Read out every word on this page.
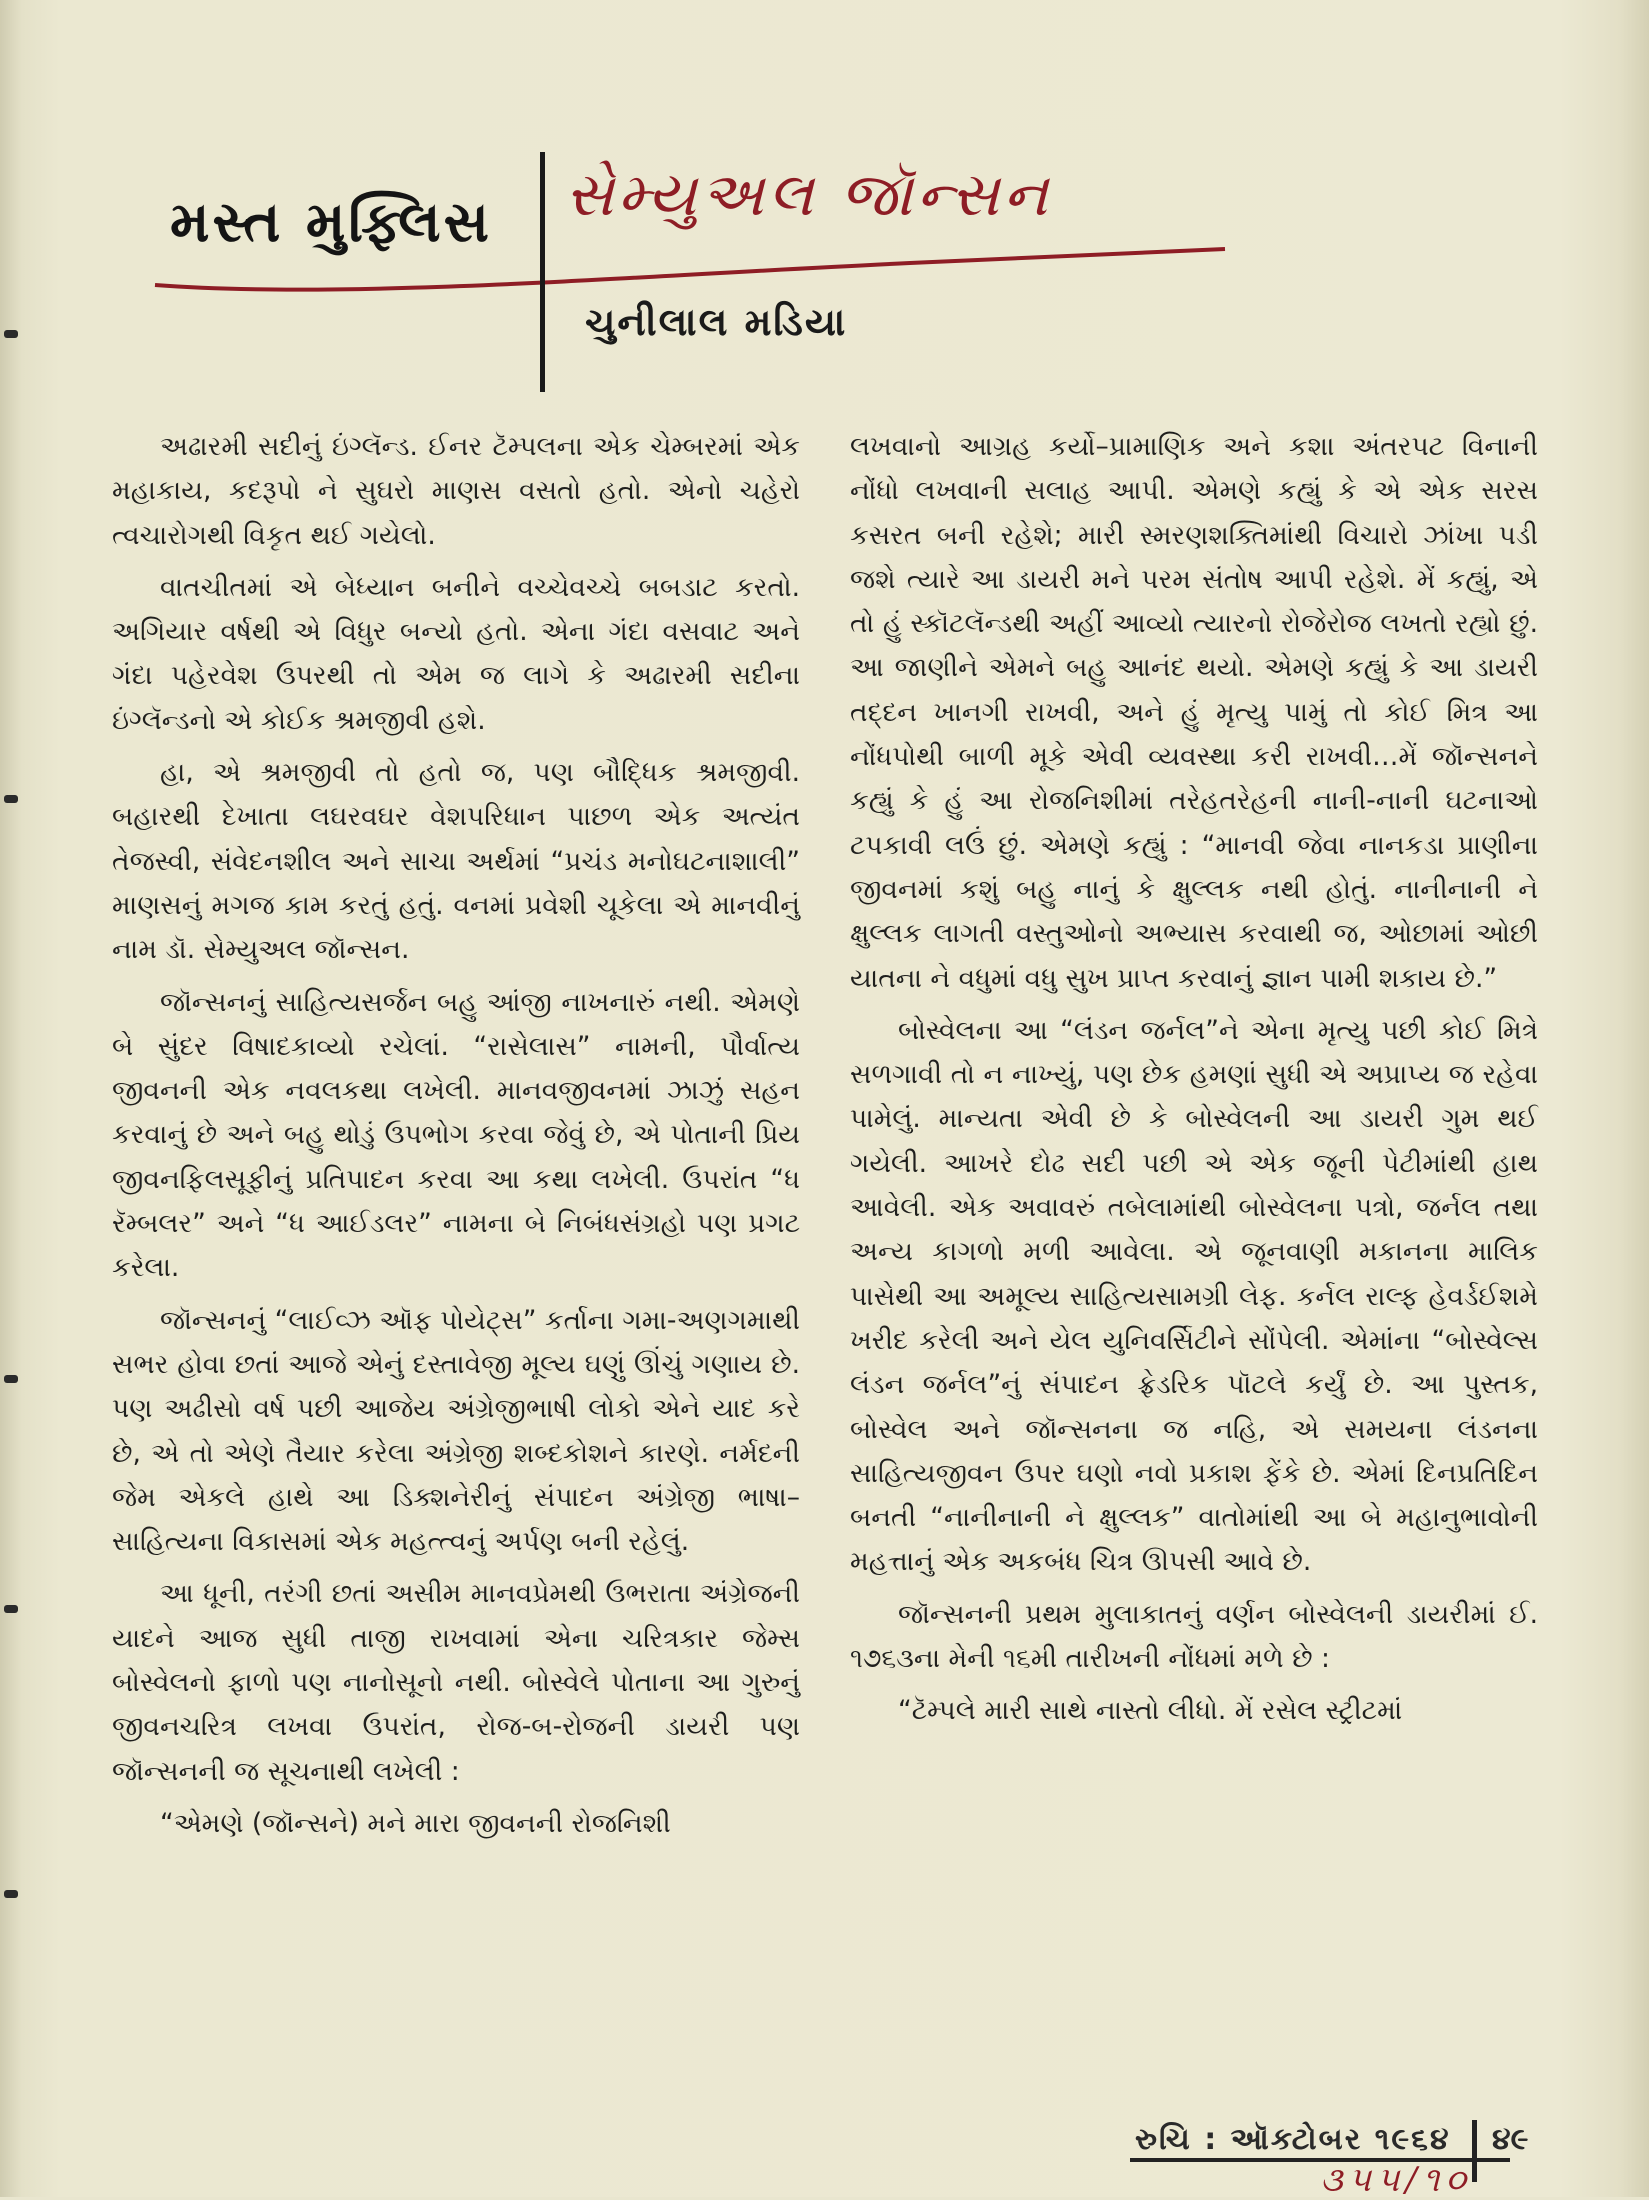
મસ્ત મુફ્લિસ સેમ્યુઅલ જૉન્સન
ચુનીલાલ મડિયા

અઢારમી સદીનું ઇંગ્લૅન્ડ. ઈનર ટૅમ્પલના એક ચેમ્બરમાં એક મહાકાય, કદરૂપો ને સુઘરો માણસ વસતો હતો. એનો ચહેરો ત્વચારોગથી વિકૃત થઈ ગયેલો.

વાતચીતમાં એ બેધ્યાન બનીને વચ્ચેવચ્ચે બબડાટ કરતો. અગિયાર વર્ષથી એ વિધુર બન્યો હતો. એના ગંદા વસવાટ અને ગંદા પહેરવેશ ઉપરથી તો એમ જ લાગે કે અઢારમી સદીના ઇંગ્લૅન્ડનો એ કોઈક શ્રમજીવી હશે.

હા, એ શ્રમજીવી તો હતો જ, પણ બૌદ્ધિક શ્રમજીવી. બહારથી દેખાતા લઘરવઘર વેશપરિધાન પાછળ એક અત્યંત તેજસ્વી, સંવેદનશીલ અને સાચા અર્થમાં “પ્રચંડ મનોઘટનાશાલી” માણસનું મગજ કામ કરતું હતું. વનમાં પ્રવેશી ચૂકેલા એ માનવીનું નામ ડૉ. સેમ્યુઅલ જૉન્સન.

જૉન્સનનું સાહિત્યસર્જન બહુ આંજી નાખનારું નથી. એમણે બે સુંદર વિષાદકાવ્યો રચેલાં. “રાસેલાસ” નામની, પૌર્વાત્ય જીવનની એક નવલકથા લખેલી. માનવજીવનમાં ઝાઝું સહન કરવાનું છે અને બહુ થોડું ઉપભોગ કરવા જેવું છે, એ પોતાની પ્રિય જીવનફિલસૂફીનું પ્રતિપાદન કરવા આ કથા લખેલી. ઉપરાંત “ધ રૅમ્બલર” અને “ધ આઈડલર” નામના બે નિબંધસંગ્રહો પણ પ્રગટ કરેલા.

જૉન્સનનું “લાઈવ્ઝ ઑફ પોયેટ્સ” કર્તાના ગમા-અણગમાથી સભર હોવા છતાં આજે એનું દસ્તાવેજી મૂલ્ય ઘણું ઊંચું ગણાય છે. પણ અઢીસો વર્ષ પછી આજેય અંગ્રેજીભાષી લોકો એને યાદ કરે છે, એ તો એણે તૈયાર કરેલા અંગ્રેજી શબ્દકોશને કારણે. નર્મદની જેમ એકલે હાથે આ ડિક્શનેરીનું સંપાદન અંગ્રેજી ભાષા–સાહિત્યના વિકાસમાં એક મહત્ત્વનું અર્પણ બની રહેલું.

આ ધૂની, તરંગી છતાં અસીમ માનવપ્રેમથી ઉભરાતા અંગ્રેજની યાદને આજ સુધી તાજી રાખવામાં એના ચરિત્રકાર જેમ્સ બોસ્વેલનો ફાળો પણ નાનોસૂનો નથી. બોસ્વેલે પોતાના આ ગુરુનું જીવનચરિત્ર લખવા ઉપરાંત, રોજ-બ-રોજની ડાયરી પણ જૉન્સનની જ સૂચનાથી લખેલી :

“એમણે (જૉન્સને) મને મારા જીવનની રોજનિશી

લખવાનો આગ્રહ કર્યો–પ્રામાણિક અને કશા અંતરપટ વિનાની નોંધો લખવાની સલાહ આપી. એમણે કહ્યું કે એ એક સરસ કસરત બની રહેશે; મારી સ્મરણશક્તિમાંથી વિચારો ઝાંખા પડી જશે ત્યારે આ ડાયરી મને પરમ સંતોષ આપી રહેશે. મેં કહ્યું, એ તો હું સ્કૉટલૅન્ડથી અહીં આવ્યો ત્યારનો રોજેરોજ લખતો રહ્યો છું. આ જાણીને એમને બહુ આનંદ થયો. એમણે કહ્યું કે આ ડાયરી તદ્દન ખાનગી રાખવી, અને હું મૃત્યુ પામું તો કોઈ મિત્ર આ નોંધપોથી બાળી મૂકે એવી વ્યવસ્થા કરી રાખવી…મેં જૉન્સનને કહ્યું કે હું આ રોજનિશીમાં તરેહતરેહની નાની-નાની ઘટનાઓ ટપકાવી લઉં છું. એમણે કહ્યું : “માનવી જેવા નાનકડા પ્રાણીના જીવનમાં કશું બહુ નાનું કે ક્ષુલ્લક નથી હોતું. નાનીનાની ને ક્ષુલ્લક લાગતી વસ્તુઓનો અભ્યાસ કરવાથી જ, ઓછામાં ઓછી યાતના ને વધુમાં વધુ સુખ પ્રાપ્ત કરવાનું જ્ઞાન પામી શકાય છે.”

બોસ્વેલના આ “લંડન જર્નલ”ને એના મૃત્યુ પછી કોઈ મિત્રે સળગાવી તો ન નાખ્યું, પણ છેક હમણાં સુધી એ અપ્રાપ્ય જ રહેવા પામેલું. માન્યતા એવી છે કે બોસ્વેલની આ ડાયરી ગુમ થઈ ગયેલી. આખરે દોઢ સદી પછી એ એક જૂની પેટીમાંથી હાથ આવેલી. એક અવાવરું તબેલામાંથી બોસ્વેલના પત્રો, જર્નલ તથા અન્ય કાગળો મળી આવેલા. એ જૂનવાણી મકાનના માલિક પાસેથી આ અમૂલ્ય સાહિત્યસામગ્રી લેફ. કર્નલ રાલ્ફ હેવર્ડઈશમે ખરીદ કરેલી અને યેલ યુનિવર્સિટીને સોંપેલી. એમાંના “બોસ્વેલ્સ લંડન જર્નલ”નું સંપાદન ફ્રેડરિક પૉટલે કર્યું છે. આ પુસ્તક, બોસ્વેલ અને જૉન્સનના જ નહિ, એ સમયના લંડનના સાહિત્યજીવન ઉપર ઘણો નવો પ્રકાશ ફેંકે છે. એમાં દિનપ્રતિદિન બનતી “નાનીનાની ને ક્ષુલ્લક” વાતોમાંથી આ બે મહાનુભાવોની મહત્તાનું એક અકબંધ ચિત્ર ઊપસી આવે છે.

જૉન્સનની પ્રથમ મુલાકાતનું વર્ણન બોસ્વેલની ડાયરીમાં ઈ. ૧૭૬૩ના મેની ૧૬મી તારીખની નોંધમાં મળે છે :

“ટૅમ્પલે મારી સાથે નાસ્તો લીધો. મેં રસેલ સ્ટ્રીટમાં

રુચિ : ઑક્ટોબર ૧૯૬૪ ૪૯
૩૫૫/૧૦
